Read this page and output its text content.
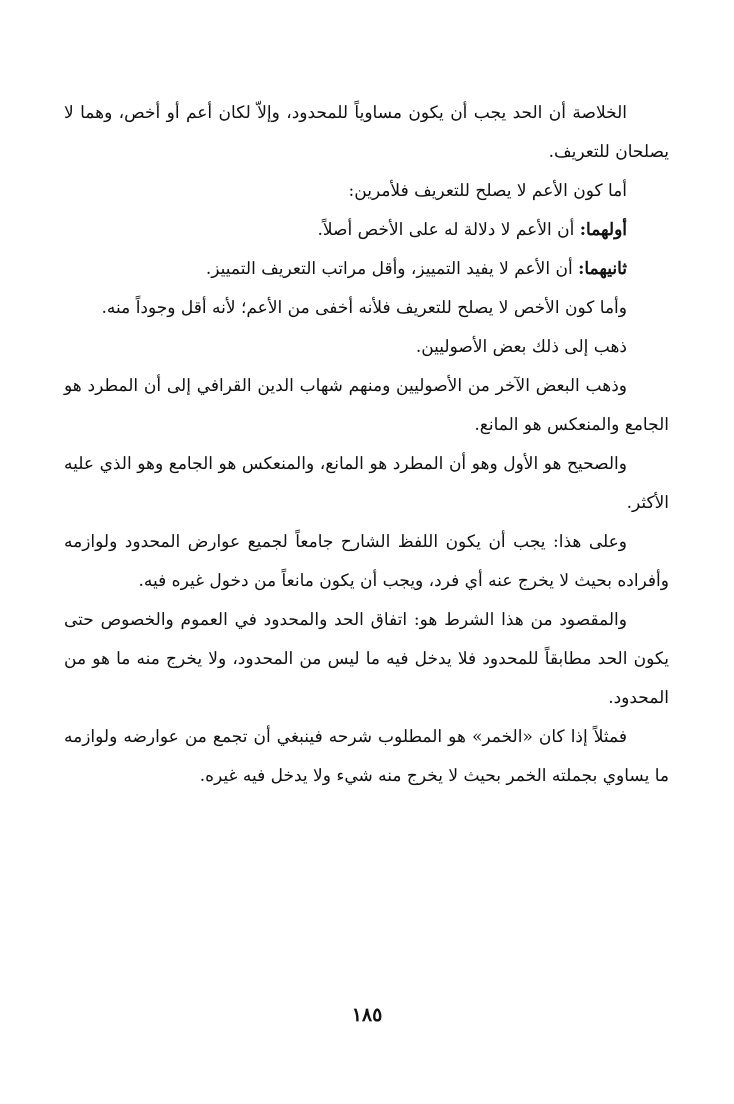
الخلاصة أن الحد يجب أن يكون مساوياً للمحدود، وإلاّ لكان أعم أو أخص، وهما لا يصلحان للتعريف.

أما كون الأعم لا يصلح للتعريف فلأمرين:

أولهما: أن الأعم لا دلالة له على الأخص أصلاً.

ثانيهما: أن الأعم لا يفيد التمييز، وأقل مراتب التعريف التمييز.

وأما كون الأخص لا يصلح للتعريف فلأنه أخفى من الأعم؛ لأنه أقل وجوداً منه.

ذهب إلى ذلك بعض الأصوليين.

وذهب البعض الآخر من الأصوليين ومنهم شهاب الدين القرافي إلى أن المطرد هو الجامع والمنعكس هو المانع.

والصحيح هو الأول وهو أن المطرد هو المانع، والمنعكس هو الجامع وهو الذي عليه الأكثر.

وعلى هذا: يجب أن يكون اللفظ الشارح جامعاً لجميع عوارض المحدود ولوازمه وأفراده بحيث لا يخرج عنه أي فرد، ويجب أن يكون مانعاً من دخول غيره فيه.

والمقصود من هذا الشرط هو: اتفاق الحد والمحدود في العموم والخصوص حتى يكون الحد مطابقاً للمحدود فلا يدخل فيه ما ليس من المحدود، ولا يخرج منه ما هو من المحدود.

فمثلاً إذا كان «الخمر» هو المطلوب شرحه فينبغي أن تجمع من عوارضه ولوازمه ما يساوي بجملته الخمر بحيث لا يخرج منه شيء ولا يدخل فيه غيره.

١٨٥
